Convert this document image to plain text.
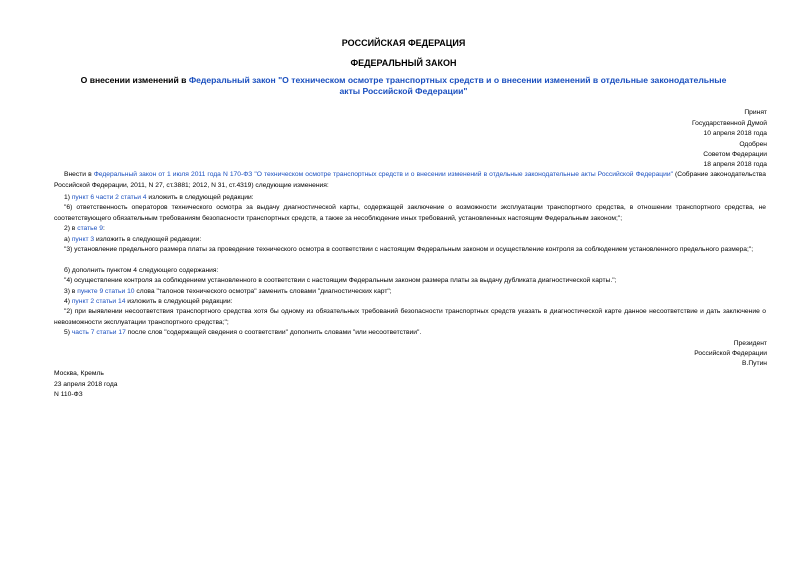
РОССИЙСКАЯ ФЕДЕРАЦИЯ
ФЕДЕРАЛЬНЫЙ ЗАКОН
О внесении изменений в Федеральный закон "О техническом осмотре транспортных средств и о внесении изменений в отдельные законодательные акты Российской Федерации"
Принят
Государственной Думой
10 апреля 2018 года
Одобрен
Советом Федерации
18 апреля 2018 года
Внести в Федеральный закон от 1 июля 2011 года N 170-ФЗ "О техническом осмотре транспортных средств и о внесении изменений в отдельные законодательные акты Российской Федерации" (Собрание законодательства Российской Федерации, 2011, N 27, ст.3881; 2012, N 31, ст.4319) следующие изменения:
1) пункт 6 части 2 статьи 4 изложить в следующей редакции:
"6) ответственность операторов технического осмотра за выдачу диагностической карты, содержащей заключение о возможности эксплуатации транспортного средства, в отношении транспортного средства, не соответствующего обязательным требованиям безопасности транспортных средств, а также за несоблюдение иных требований, установленных настоящим Федеральным законом;";
2) в статье 9:
а) пункт 3 изложить в следующей редакции:
"3) установление предельного размера платы за проведение технического осмотра в соответствии с настоящим Федеральным законом и осуществление контроля за соблюдением установленного предельного размера;";
б) дополнить пунктом 4 следующего содержания:
"4) осуществление контроля за соблюдением установленного в соответствии с настоящим Федеральным законом размера платы за выдачу дубликата диагностической карты.";
3) в пункте 9 статьи 10 слова "талонов технического осмотра" заменить словами "диагностических карт";
4) пункт 2 статьи 14 изложить в следующей редакции:
"2) при выявлении несоответствия транспортного средства хотя бы одному из обязательных требований безопасности транспортных средств указать в диагностической карте данное несоответствие и дать заключение о невозможности эксплуатации транспортного средства;";
5) часть 7 статьи 17 после слов "содержащей сведения о соответствии" дополнить словами "или несоответствии".
Президент
Российской Федерации
В.Путин
Москва, Кремль
23 апреля 2018 года
N 110-ФЗ
